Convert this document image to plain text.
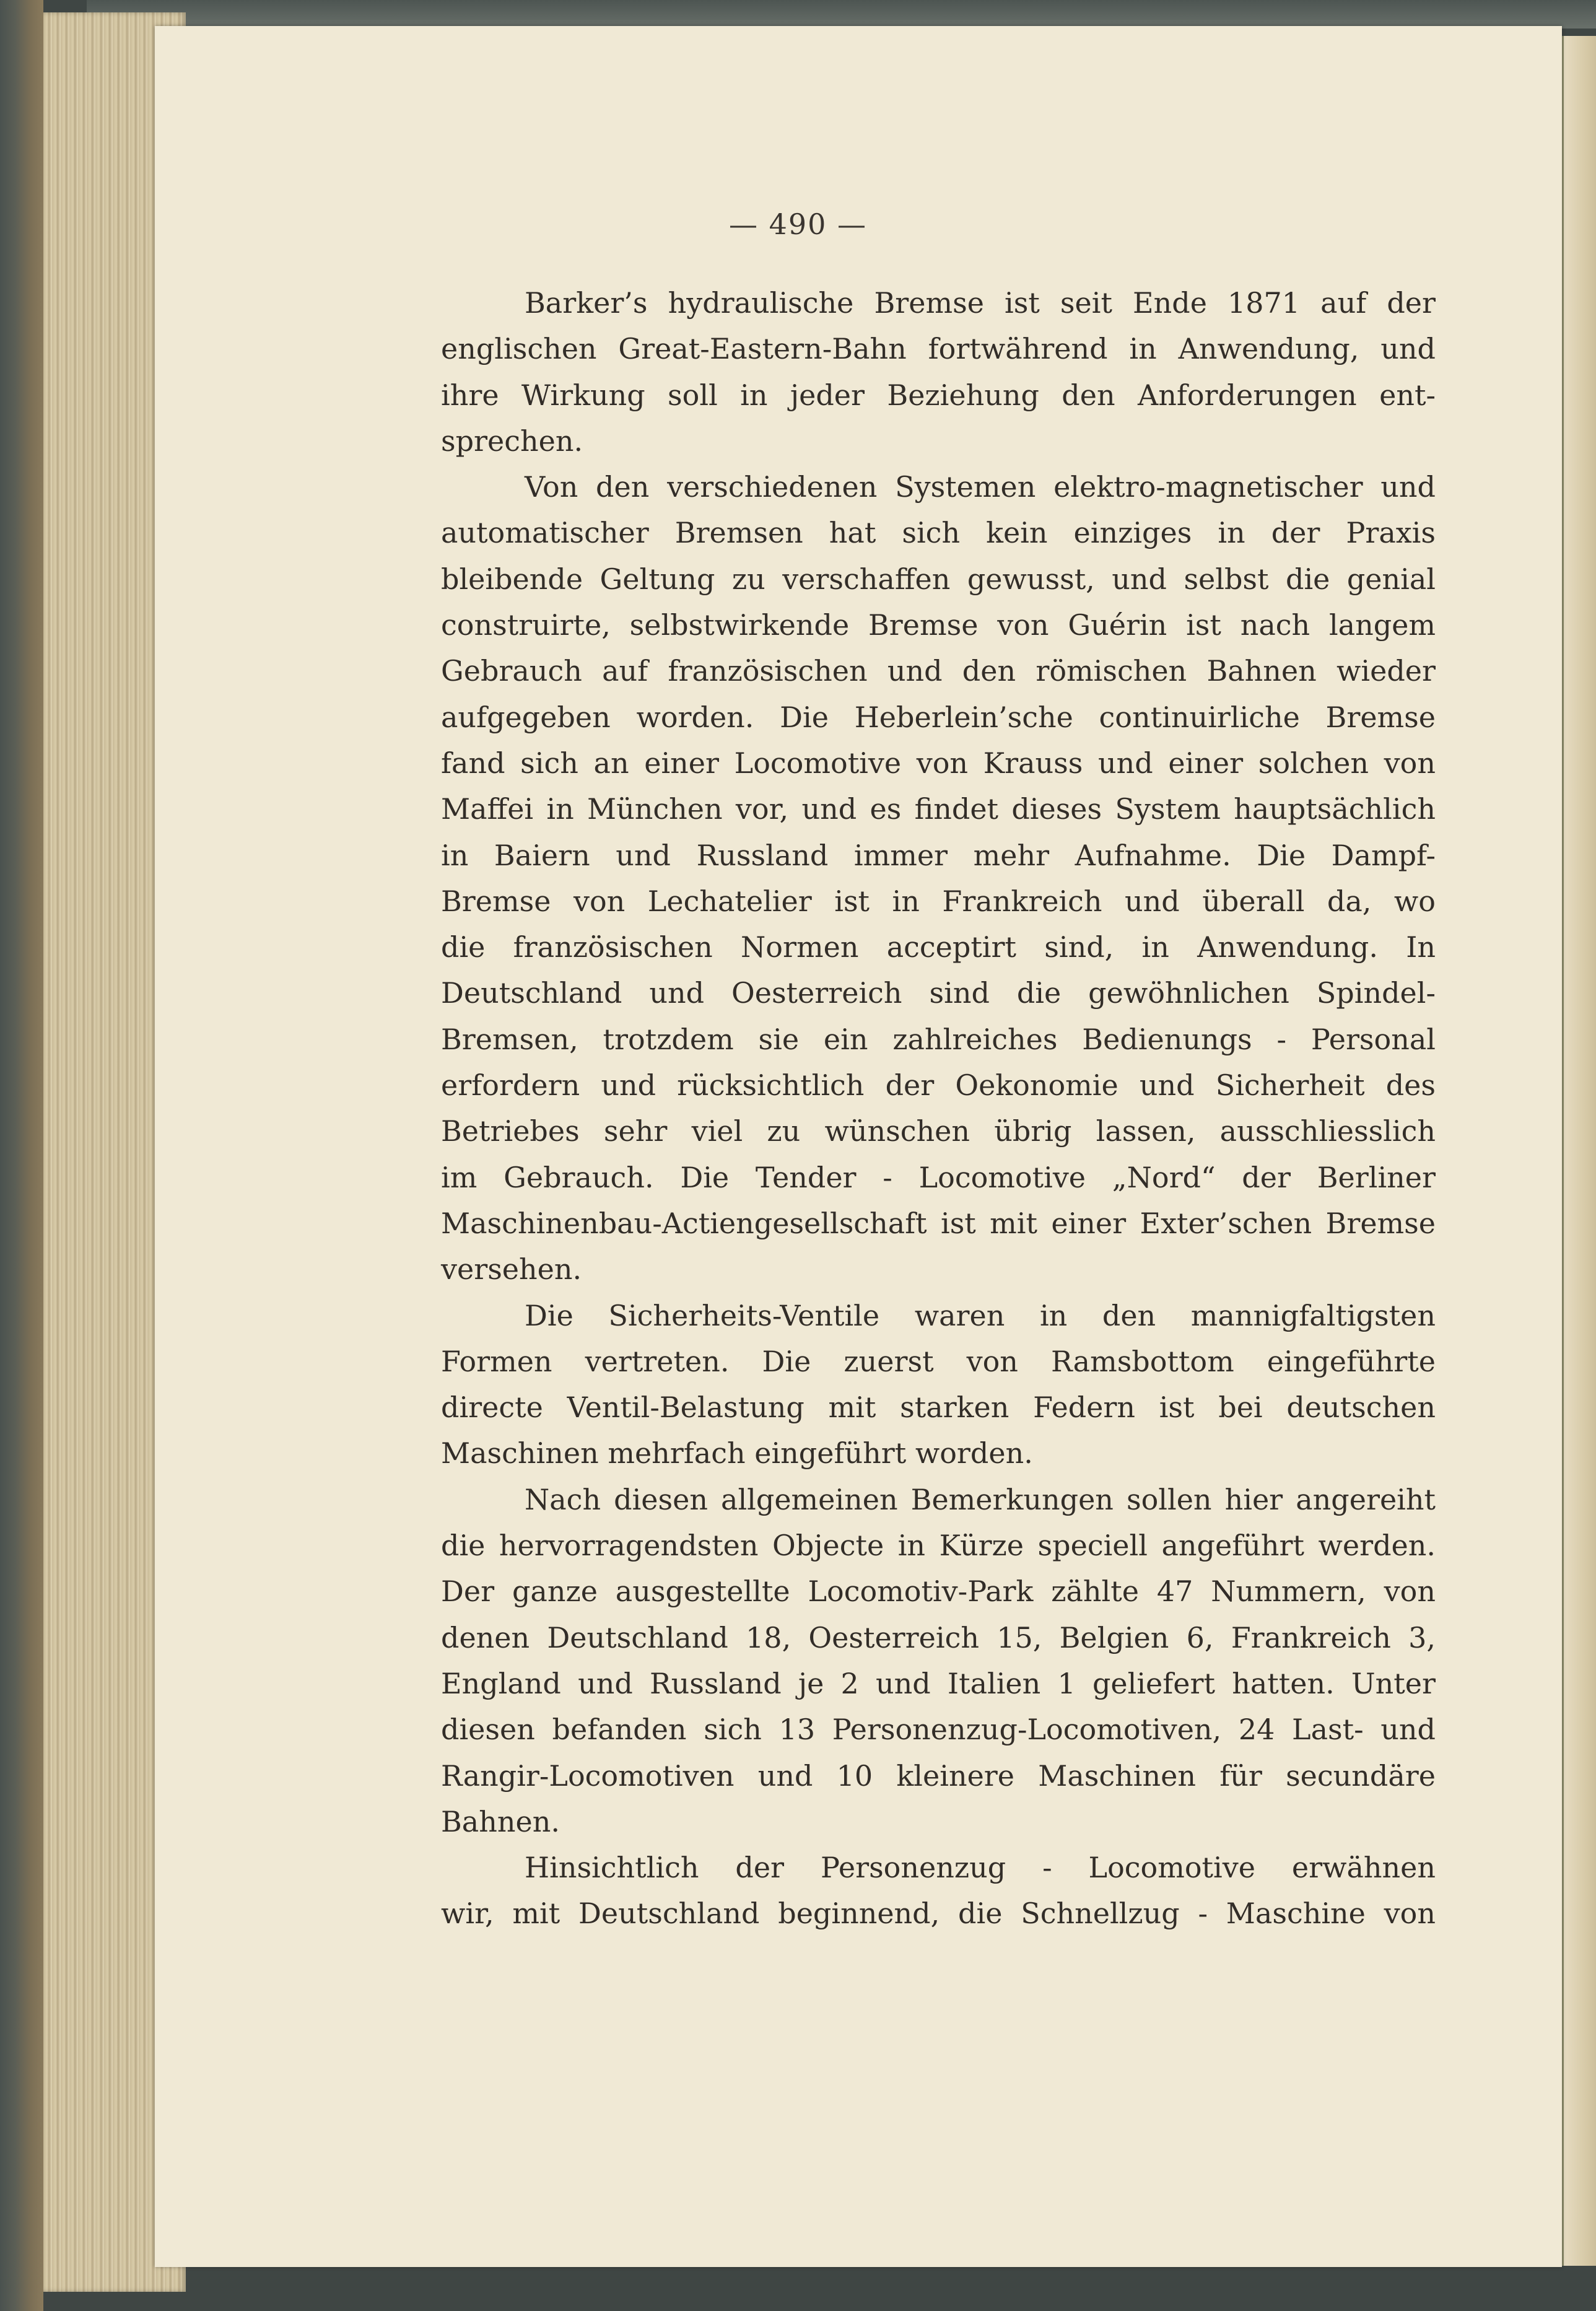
— 490 —

Barker’s hydraulische Bremse ist seit Ende 1871 auf der

englischen Great-Eastern-Bahn fortwährend in Anwendung, und

ihre Wirkung soll in jeder Beziehung den Anforderungen ent-

sprechen.

Von den verschiedenen Systemen elektro-magnetischer und

automatischer Bremsen hat sich kein einziges in der Praxis

bleibende Geltung zu verschaffen gewusst, und selbst die genial

construirte, selbstwirkende Bremse von Guérin ist nach langem

Gebrauch auf französischen und den römischen Bahnen wieder

aufgegeben worden. Die Heberlein’sche continuirliche Bremse

fand sich an einer Locomotive von Krauss und einer solchen von

Maffei in München vor, und es findet dieses System hauptsächlich

in Baiern und Russland immer mehr Aufnahme. Die Dampf-

Bremse von Lechatelier ist in Frankreich und überall da, wo

die französischen Normen acceptirt sind, in Anwendung. In

Deutschland und Oesterreich sind die gewöhnlichen Spindel-

Bremsen, trotzdem sie ein zahlreiches Bedienungs - Personal

erfordern und rücksichtlich der Oekonomie und Sicherheit des

Betriebes sehr viel zu wünschen übrig lassen, ausschliesslich

im Gebrauch. Die Tender - Locomotive „Nord“ der Berliner

Maschinenbau-Actiengesellschaft ist mit einer Exter’schen Bremse

versehen.

Die Sicherheits-Ventile waren in den mannigfaltigsten

Formen vertreten. Die zuerst von Ramsbottom eingeführte

directe Ventil-Belastung mit starken Federn ist bei deutschen

Maschinen mehrfach eingeführt worden.

Nach diesen allgemeinen Bemerkungen sollen hier angereiht

die hervorragendsten Objecte in Kürze speciell angeführt werden.

Der ganze ausgestellte Locomotiv-Park zählte 47 Nummern, von

denen Deutschland 18, Oesterreich 15, Belgien 6, Frankreich 3,

England und Russland je 2 und Italien 1 geliefert hatten. Unter

diesen befanden sich 13 Personenzug-Locomotiven, 24 Last- und

Rangir-Locomotiven und 10 kleinere Maschinen für secundäre

Bahnen.

Hinsichtlich der Personenzug - Locomotive erwähnen

wir, mit Deutschland beginnend, die Schnellzug - Maschine von
